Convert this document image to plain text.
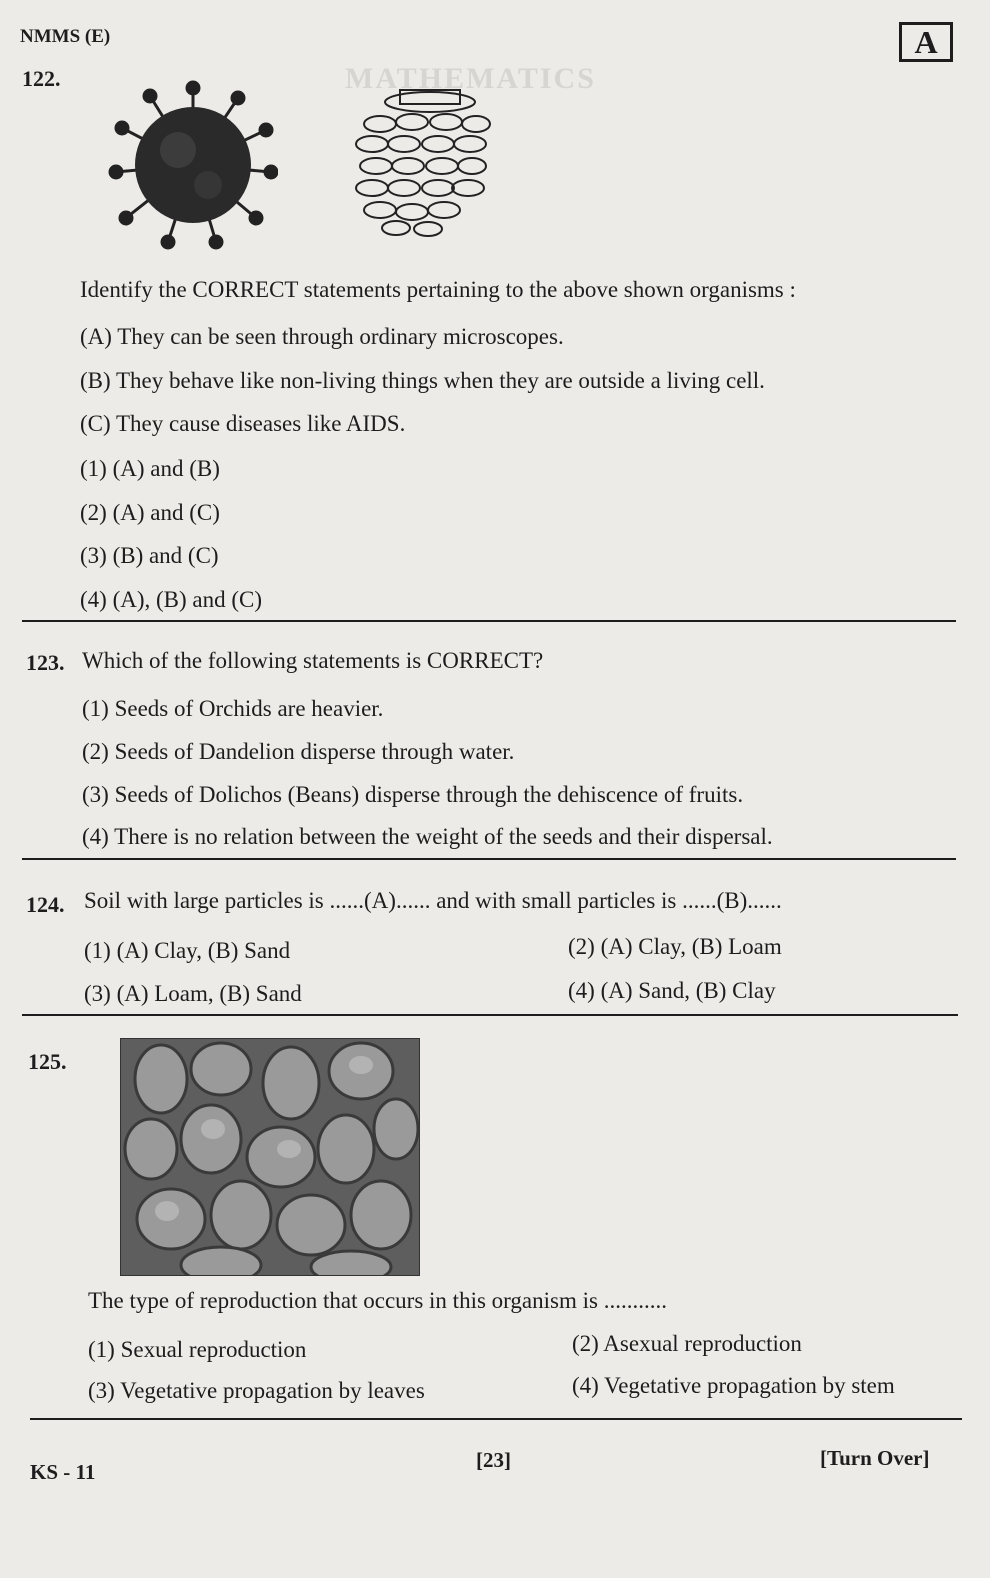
MATHEMATICS
NMMS (E)	A
122.
Identify the CORRECT statements pertaining to the above shown organisms :
(A) They can be seen through ordinary microscopes.
(B) They behave like non-living things when they are outside a living cell.
(C) They cause diseases like AIDS.
(1) (A) and (B)
(2) (A) and (C)
(3) (B) and (C)
(4) (A), (B) and (C)
123. Which of the following statements is CORRECT?
(1) Seeds of Orchids are heavier.
(2) Seeds of Dandelion disperse through water.
(3) Seeds of Dolichos (Beans) disperse through the dehiscence of fruits.
(4) There is no relation between the weight of the seeds and their dispersal.
124. Soil with large particles is ......(A)...... and with small particles is ......(B)......
(1) (A) Clay, (B) Sand	(2) (A) Clay, (B) Loam
(3) (A) Loam, (B) Sand	(4) (A) Sand, (B) Clay
125.
The type of reproduction that occurs in this organism is ...........
(1) Sexual reproduction	(2) Asexual reproduction
(3) Vegetative propagation by leaves	(4) Vegetative propagation by stem
KS - 11	[23]	[Turn Over]
